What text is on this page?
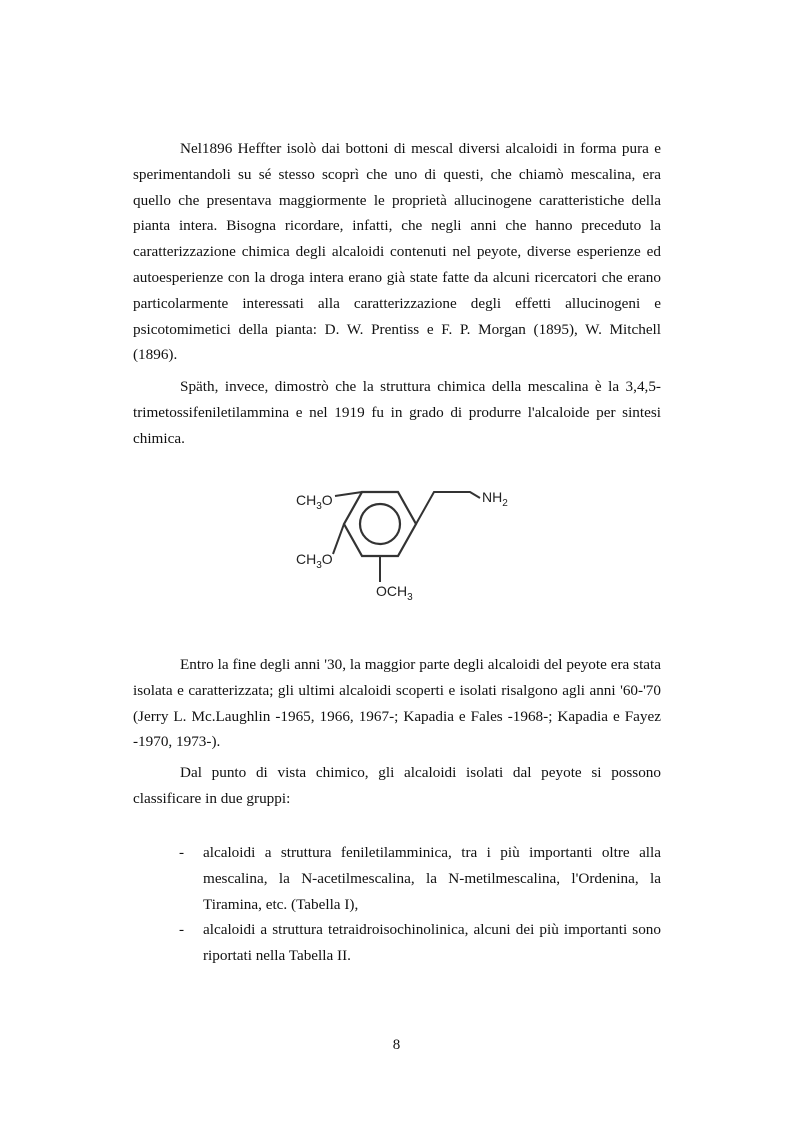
Nel1896 Heffter isolò dai bottoni di mescal diversi alcaloidi in forma pura e sperimentandoli su sé stesso scoprì che uno di questi, che chiamò mescalina, era quello che presentava maggiormente le proprietà allucinogene caratteristiche della pianta intera. Bisogna ricordare, infatti, che negli anni che hanno preceduto la caratterizzazione chimica degli alcaloidi contenuti nel peyote, diverse esperienze ed autoesperienze con la droga intera erano già state fatte da alcuni ricercatori che erano particolarmente interessati alla caratterizzazione degli effetti allucinogeni e psicotomimetici della pianta: D. W. Prentiss e F. P. Morgan (1895), W. Mitchell (1896).

Späth, invece, dimostrò che la struttura chimica della mescalina è la 3,4,5-trimetossifeniletilammina e nel 1919 fu in grado di produrre l'alcaloide per sintesi chimica.

$CH_3O$
$CH_3O$
$OCH_3$
$NH_2$

Entro la fine degli anni '30, la maggior parte degli alcaloidi del peyote era stata isolata e caratterizzata; gli ultimi alcaloidi scoperti e isolati risalgono agli anni '60-'70 (Jerry L. Mc.Laughlin -1965, 1966, 1967-; Kapadia e Fales -1968-; Kapadia e Fayez -1970, 1973-).

Dal punto di vista chimico, gli alcaloidi isolati dal peyote si possono classificare in due gruppi:

- alcaloidi a struttura feniletilamminica, tra i più importanti oltre alla mescalina, la N-acetilmescalina, la N-metilmescalina, l'Ordenina, la Tiramina, etc. (Tabella I),
- alcaloidi a struttura tetraidroisochinolinica, alcuni dei più importanti sono riportati nella Tabella II.
8
